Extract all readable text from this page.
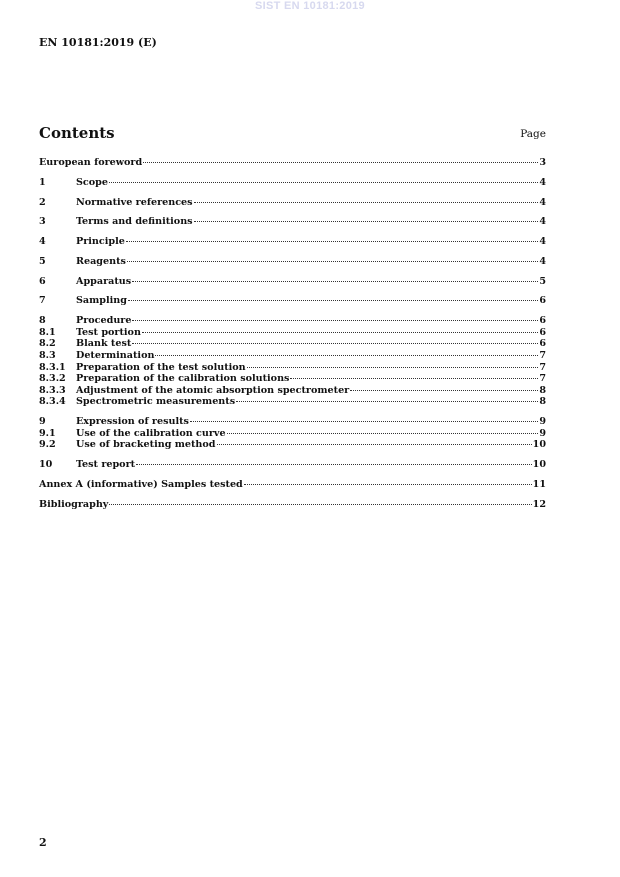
SIST EN 10181:2019
EN 10181:2019 (E)
Contents	Page
European foreword	3
1	Scope	4
2	Normative references	4
3	Terms and definitions	4
4	Principle	4
5	Reagents	4
6	Apparatus	5
7	Sampling	6
8	Procedure	6
8.1	Test portion	6
8.2	Blank test	6
8.3	Determination	7
8.3.1	Preparation of the test solution	7
8.3.2	Preparation of the calibration solutions	7
8.3.3	Adjustment of the atomic absorption spectrometer	8
8.3.4	Spectrometric measurements	8
9	Expression of results	9
9.1	Use of the calibration curve	9
9.2	Use of bracketing method	10
10	Test report	10
Annex A (informative) Samples tested	11
Bibliography	12
2
